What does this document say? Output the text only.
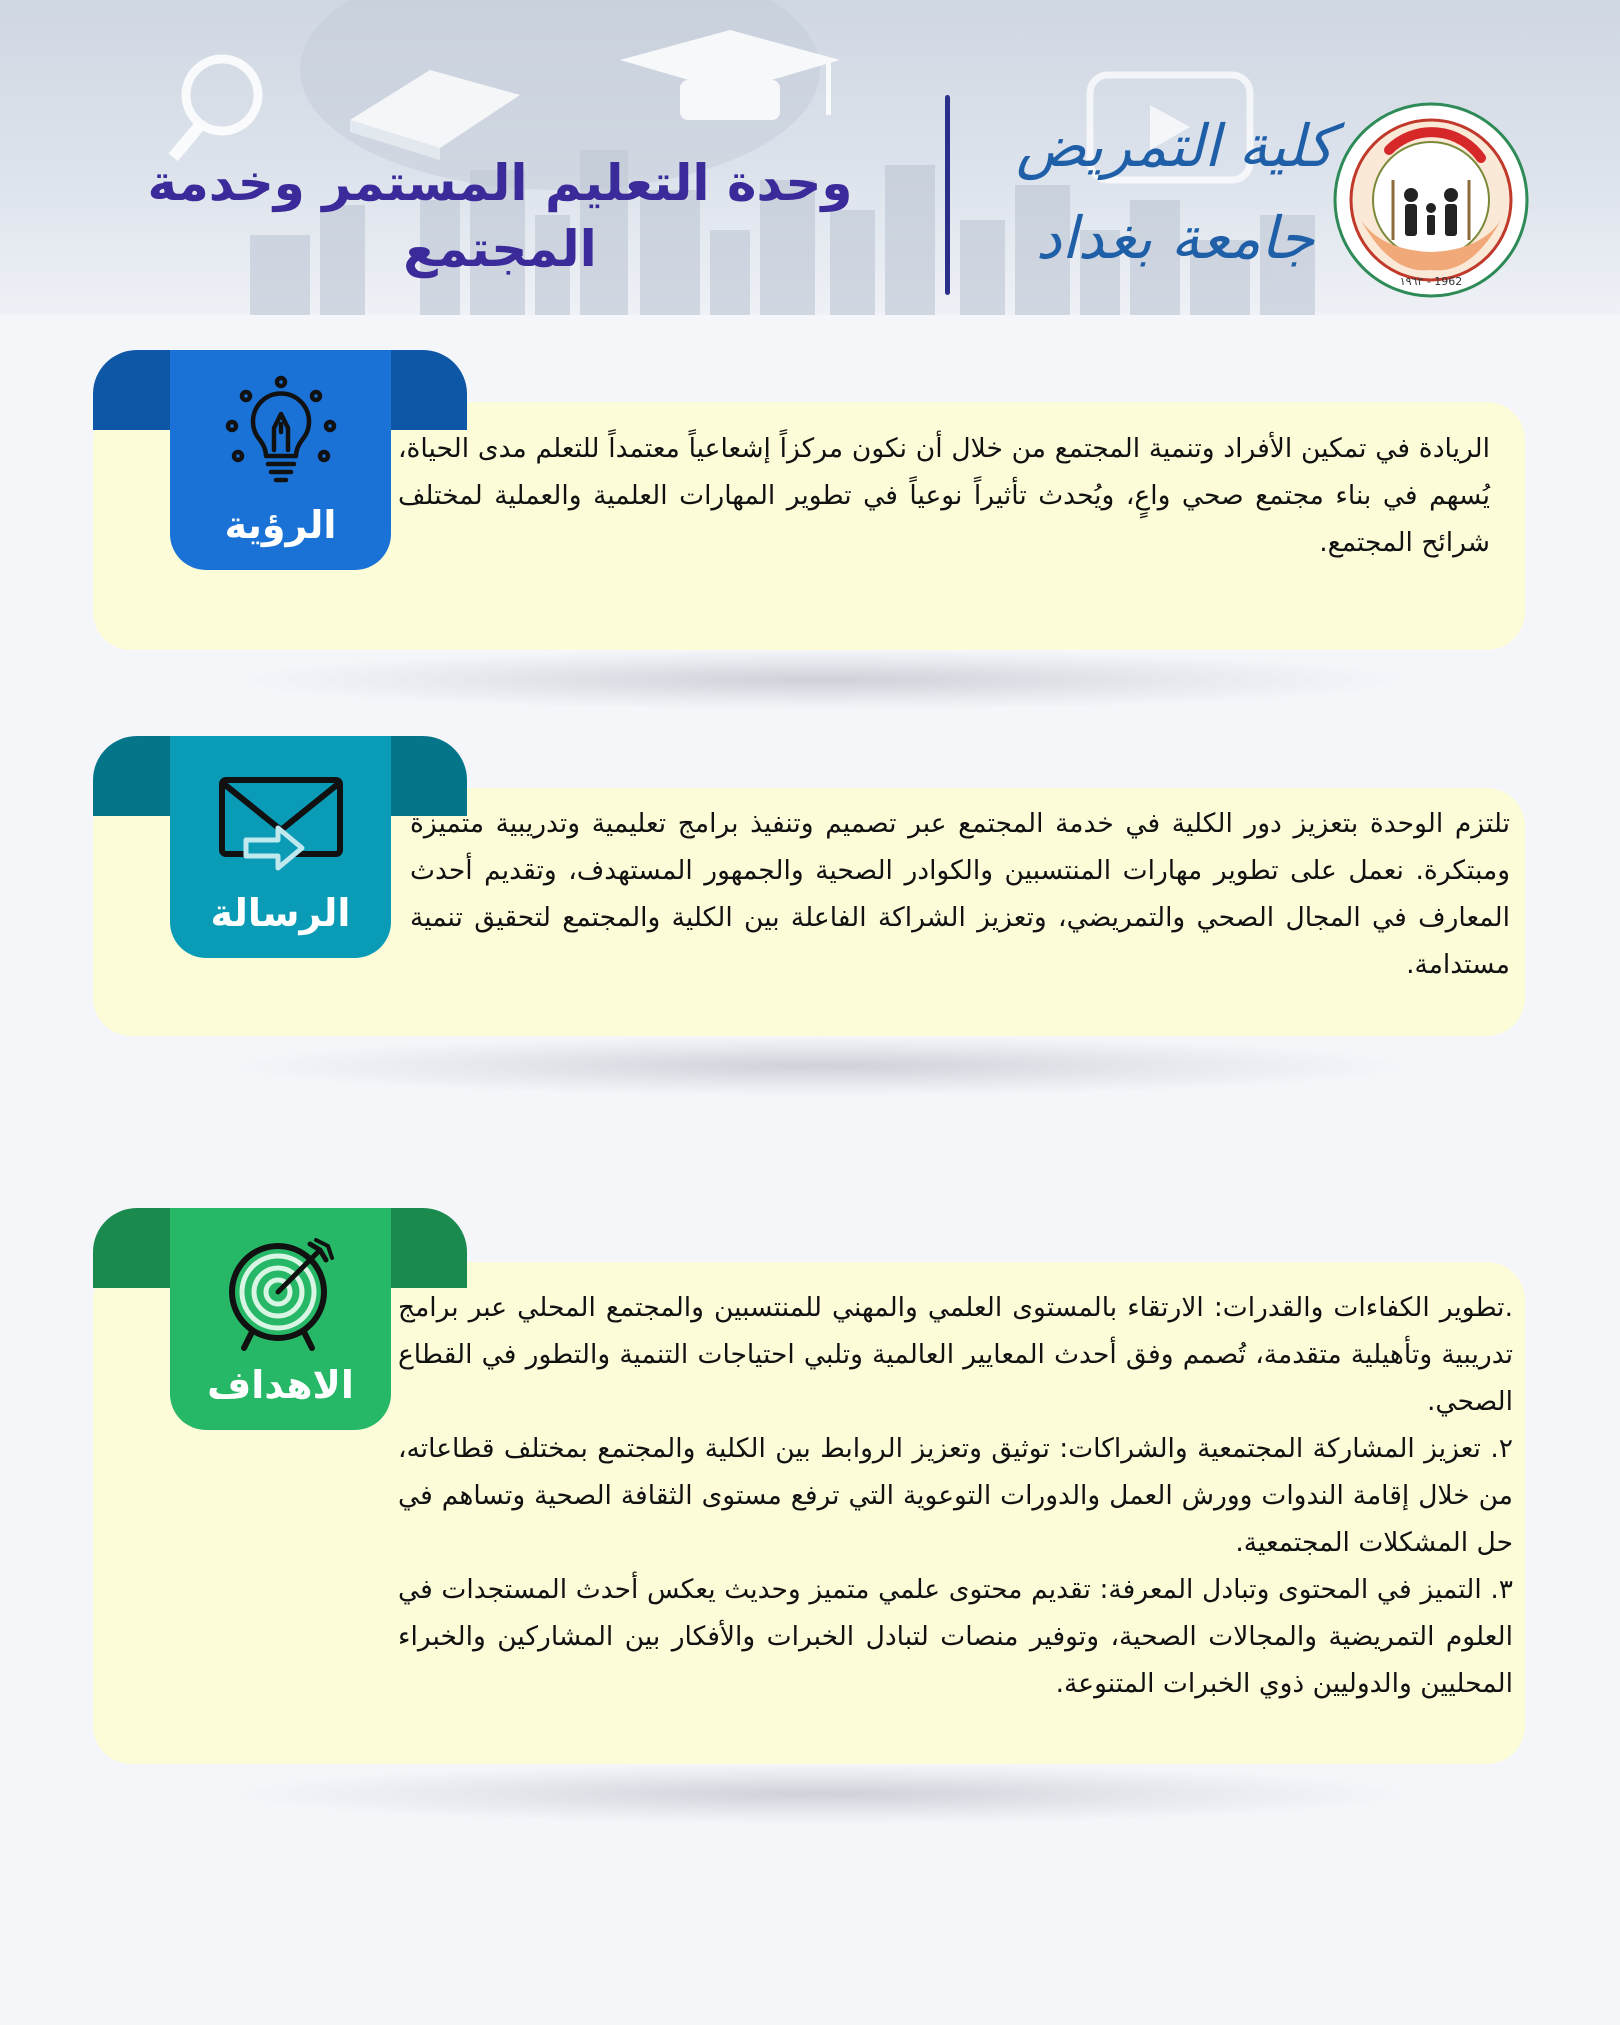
وحدة التعليم المستمر وخدمة
المجتمع
كلية التمريض
جامعة بغداد
1962 - ١٩٦٢
الرؤية
الريادة في تمكين الأفراد وتنمية المجتمع من خلال أن نكون مركزاً إشعاعياً معتمداً للتعلم مدى الحياة، يُسهم في بناء مجتمع صحي واعٍ، ويُحدث تأثيراً نوعياً في تطوير المهارات العلمية والعملية لمختلف شرائح المجتمع.
الرسالة
تلتزم الوحدة بتعزيز دور الكلية في خدمة المجتمع عبر تصميم وتنفيذ برامج تعليمية وتدريبية متميزة ومبتكرة. نعمل على تطوير مهارات المنتسبين والكوادر الصحية والجمهور المستهدف، وتقديم أحدث المعارف في المجال الصحي والتمريضي، وتعزيز الشراكة الفاعلة بين الكلية والمجتمع لتحقيق تنمية مستدامة.
الاهداف
.تطوير الكفاءات والقدرات: الارتقاء بالمستوى العلمي والمهني للمنتسبين والمجتمع المحلي عبر برامج تدريبية وتأهيلية متقدمة، تُصمم وفق أحدث المعايير العالمية وتلبي احتياجات التنمية والتطور في القطاع الصحي.
٢. تعزيز المشاركة المجتمعية والشراكات: توثيق وتعزيز الروابط بين الكلية والمجتمع بمختلف قطاعاته، من خلال إقامة الندوات وورش العمل والدورات التوعوية التي ترفع مستوى الثقافة الصحية وتساهم في حل المشكلات المجتمعية.
٣. التميز في المحتوى وتبادل المعرفة: تقديم محتوى علمي متميز وحديث يعكس أحدث المستجدات في العلوم التمريضية والمجالات الصحية، وتوفير منصات لتبادل الخبرات والأفكار بين المشاركين والخبراء المحليين والدوليين ذوي الخبرات المتنوعة.
